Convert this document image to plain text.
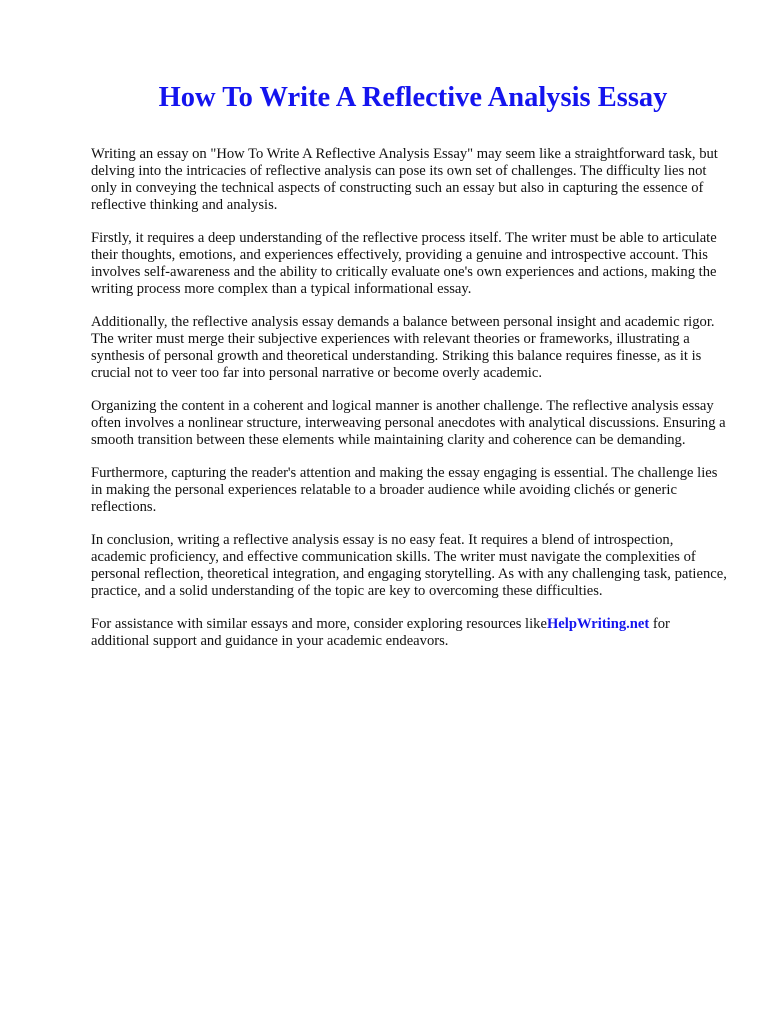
How To Write A Reflective Analysis Essay

Writing an essay on "How To Write A Reflective Analysis Essay" may seem like a straightforward task, but delving into the intricacies of reflective analysis can pose its own set of challenges. The difficulty lies not only in conveying the technical aspects of constructing such an essay but also in capturing the essence of reflective thinking and analysis.

Firstly, it requires a deep understanding of the reflective process itself. The writer must be able to articulate their thoughts, emotions, and experiences effectively, providing a genuine and introspective account. This involves self-awareness and the ability to critically evaluate one's own experiences and actions, making the writing process more complex than a typical informational essay.

Additionally, the reflective analysis essay demands a balance between personal insight and academic rigor. The writer must merge their subjective experiences with relevant theories or frameworks, illustrating a synthesis of personal growth and theoretical understanding. Striking this balance requires finesse, as it is crucial not to veer too far into personal narrative or become overly academic.

Organizing the content in a coherent and logical manner is another challenge. The reflective analysis essay often involves a nonlinear structure, interweaving personal anecdotes with analytical discussions. Ensuring a smooth transition between these elements while maintaining clarity and coherence can be demanding.

Furthermore, capturing the reader's attention and making the essay engaging is essential. The challenge lies in making the personal experiences relatable to a broader audience while avoiding clichés or generic reflections.

In conclusion, writing a reflective analysis essay is no easy feat. It requires a blend of introspection, academic proficiency, and effective communication skills. The writer must navigate the complexities of personal reflection, theoretical integration, and engaging storytelling. As with any challenging task, patience, practice, and a solid understanding of the topic are key to overcoming these difficulties.

For assistance with similar essays and more, consider exploring resources likeHelpWriting.net for additional support and guidance in your academic endeavors.
